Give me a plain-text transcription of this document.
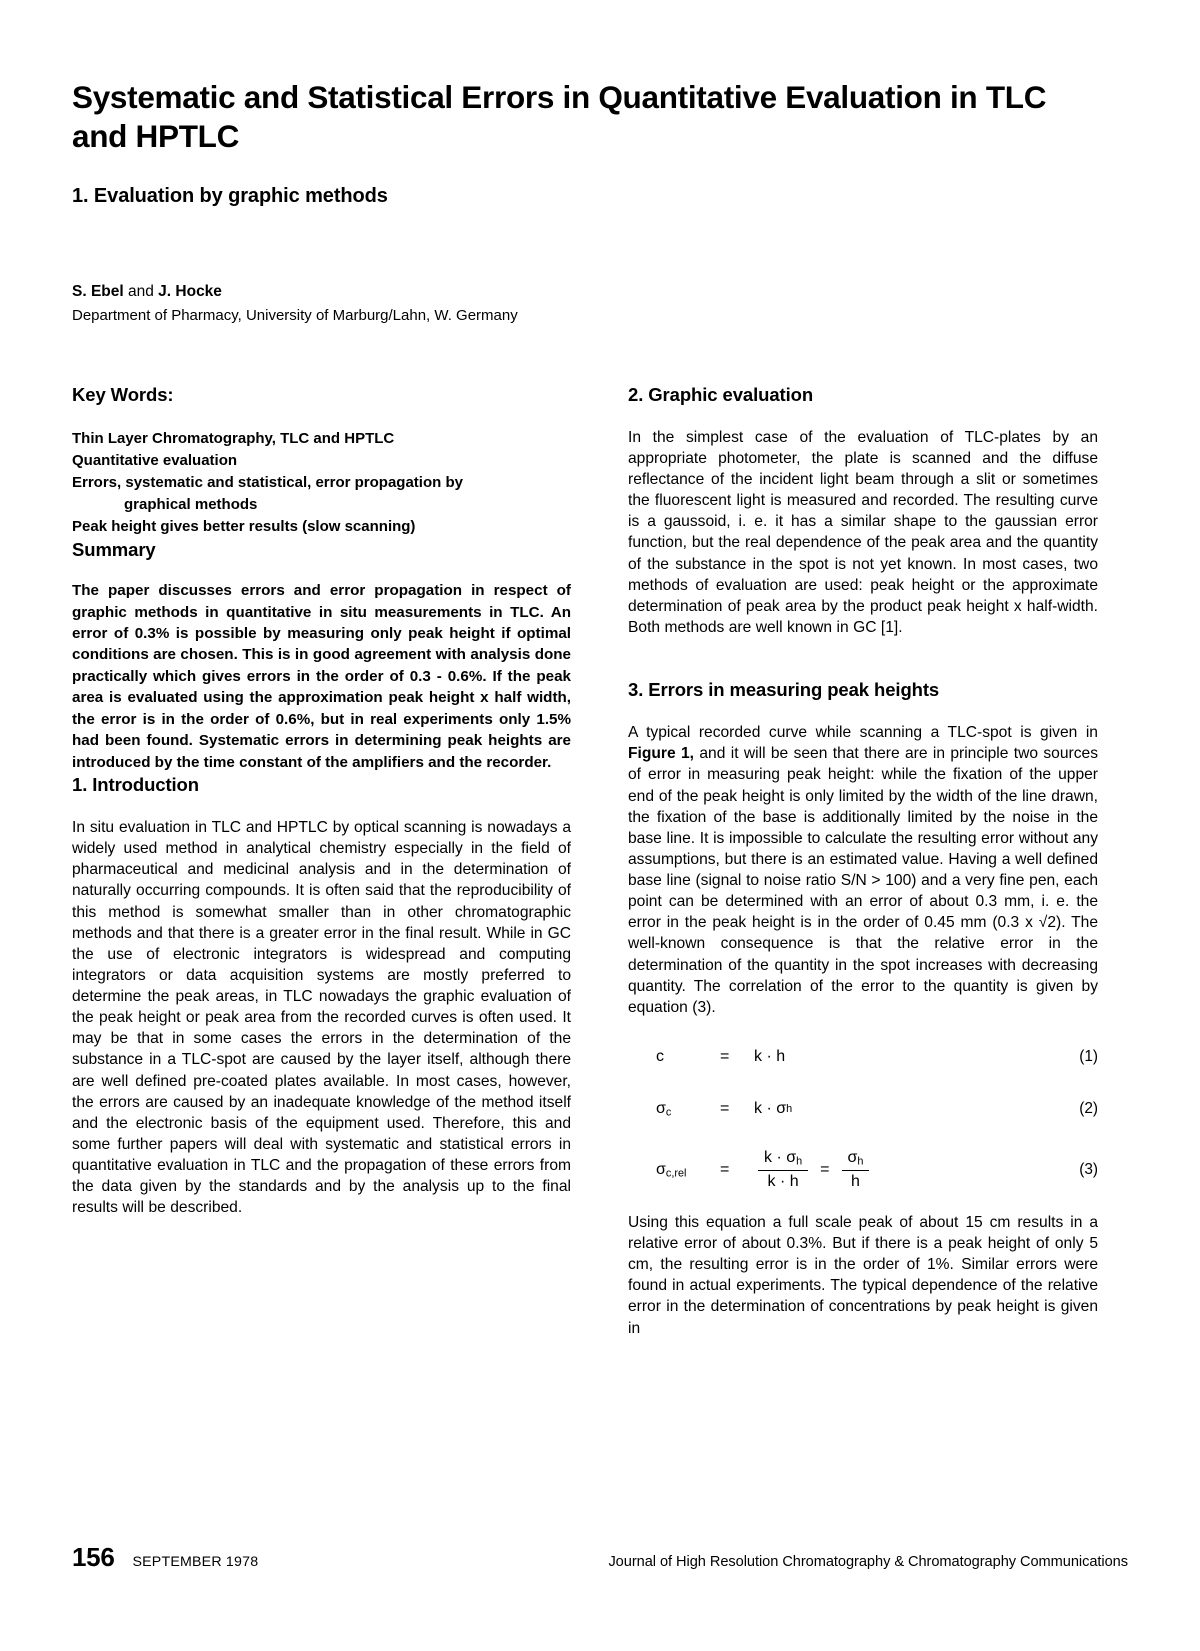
Systematic and Statistical Errors in Quantitative Evaluation in TLC and HPTLC
1. Evaluation by graphic methods
S. Ebel and J. Hocke
Department of Pharmacy, University of Marburg/Lahn, W. Germany
Key Words:
Thin Layer Chromatography, TLC and HPTLC
Quantitative evaluation
Errors, systematic and statistical, error propagation by
graphical methods
Peak height gives better results (slow scanning)
Summary

The paper discusses errors and error propagation in respect of graphic methods in quantitative in situ measurements in TLC. An error of 0.3% is possible by measuring only peak height if optimal conditions are chosen. This is in good agreement with analysis done practically which gives errors in the order of 0.3 - 0.6%. If the peak area is evaluated using the approximation peak height x half width, the error is in the order of 0.6%, but in real experiments only 1.5% had been found. Systematic errors in determining peak heights are introduced by the time constant of the amplifiers and the recorder.

1. Introduction

In situ evaluation in TLC and HPTLC by optical scanning is nowadays a widely used method in analytical chemistry especially in the field of pharmaceutical and medicinal analysis and in the determination of naturally occurring compounds. It is often said that the reproducibility of this method is somewhat smaller than in other chromatographic methods and that there is a greater error in the final result. While in GC the use of electronic integrators is widespread and computing integrators or data acquisition systems are mostly preferred to determine the peak areas, in TLC nowadays the graphic evaluation of the peak height or peak area from the recorded curves is often used. It may be that in some cases the errors in the determination of the substance in a TLC-spot are caused by the layer itself, although there are well defined pre-coated plates available. In most cases, however, the errors are caused by an inadequate knowledge of the method itself and the electronic basis of the equipment used. Therefore, this and some further papers will deal with systematic and statistical errors in quantitative evaluation in TLC and the propagation of these errors from the data given by the standards and by the analysis up to the final results will be described.

2. Graphic evaluation

In the simplest case of the evaluation of TLC-plates by an appropriate photometer, the plate is scanned and the diffuse reflectance of the incident light beam through a slit or sometimes the fluorescent light is measured and recorded. The resulting curve is a gaussoid, i. e. it has a similar shape to the gaussian error function, but the real dependence of the peak area and the quantity of the substance in the spot is not yet known. In most cases, two methods of evaluation are used: peak height or the approximate determination of peak area by the product peak height x half-width. Both methods are well known in GC [1].

3. Errors in measuring peak heights

A typical recorded curve while scanning a TLC-spot is given in Figure 1, and it will be seen that there are in principle two sources of error in measuring peak height: while the fixation of the upper end of the peak height is only limited by the width of the line drawn, the fixation of the base is additionally limited by the noise in the base line. It is impossible to calculate the resulting error without any assumptions, but there is an estimated value. Having a well defined base line (signal to noise ratio S/N > 100) and a very fine pen, each point can be determined with an error of about 0.3 mm, i. e. the error in the peak height is in the order of 0.45 mm (0.3 x √2). The well-known consequence is that the relative error in the determination of the quantity in the spot increases with decreasing quantity. The correlation of the error to the quantity is given by equation (3).

c	=	k · h	(1)
$\sigma_c$	=	k · σ h	(2)
$\sigma_{c,rel}$	=	$\frac{k \cdot \sigma_h}{k \cdot h} = \frac{\sigma_h}{h}$	(3)

Using this equation a full scale peak of about 15 cm results in a relative error of about 0.3%. But if there is a peak height of only 5 cm, the resulting error is in the order of 1%. Similar errors were found in actual experiments. The typical dependence of the relative error in the determination of concentrations by peak height is given in

156 SEPTEMBER 1978	Journal of High Resolution Chromatography & Chromatography Communications
